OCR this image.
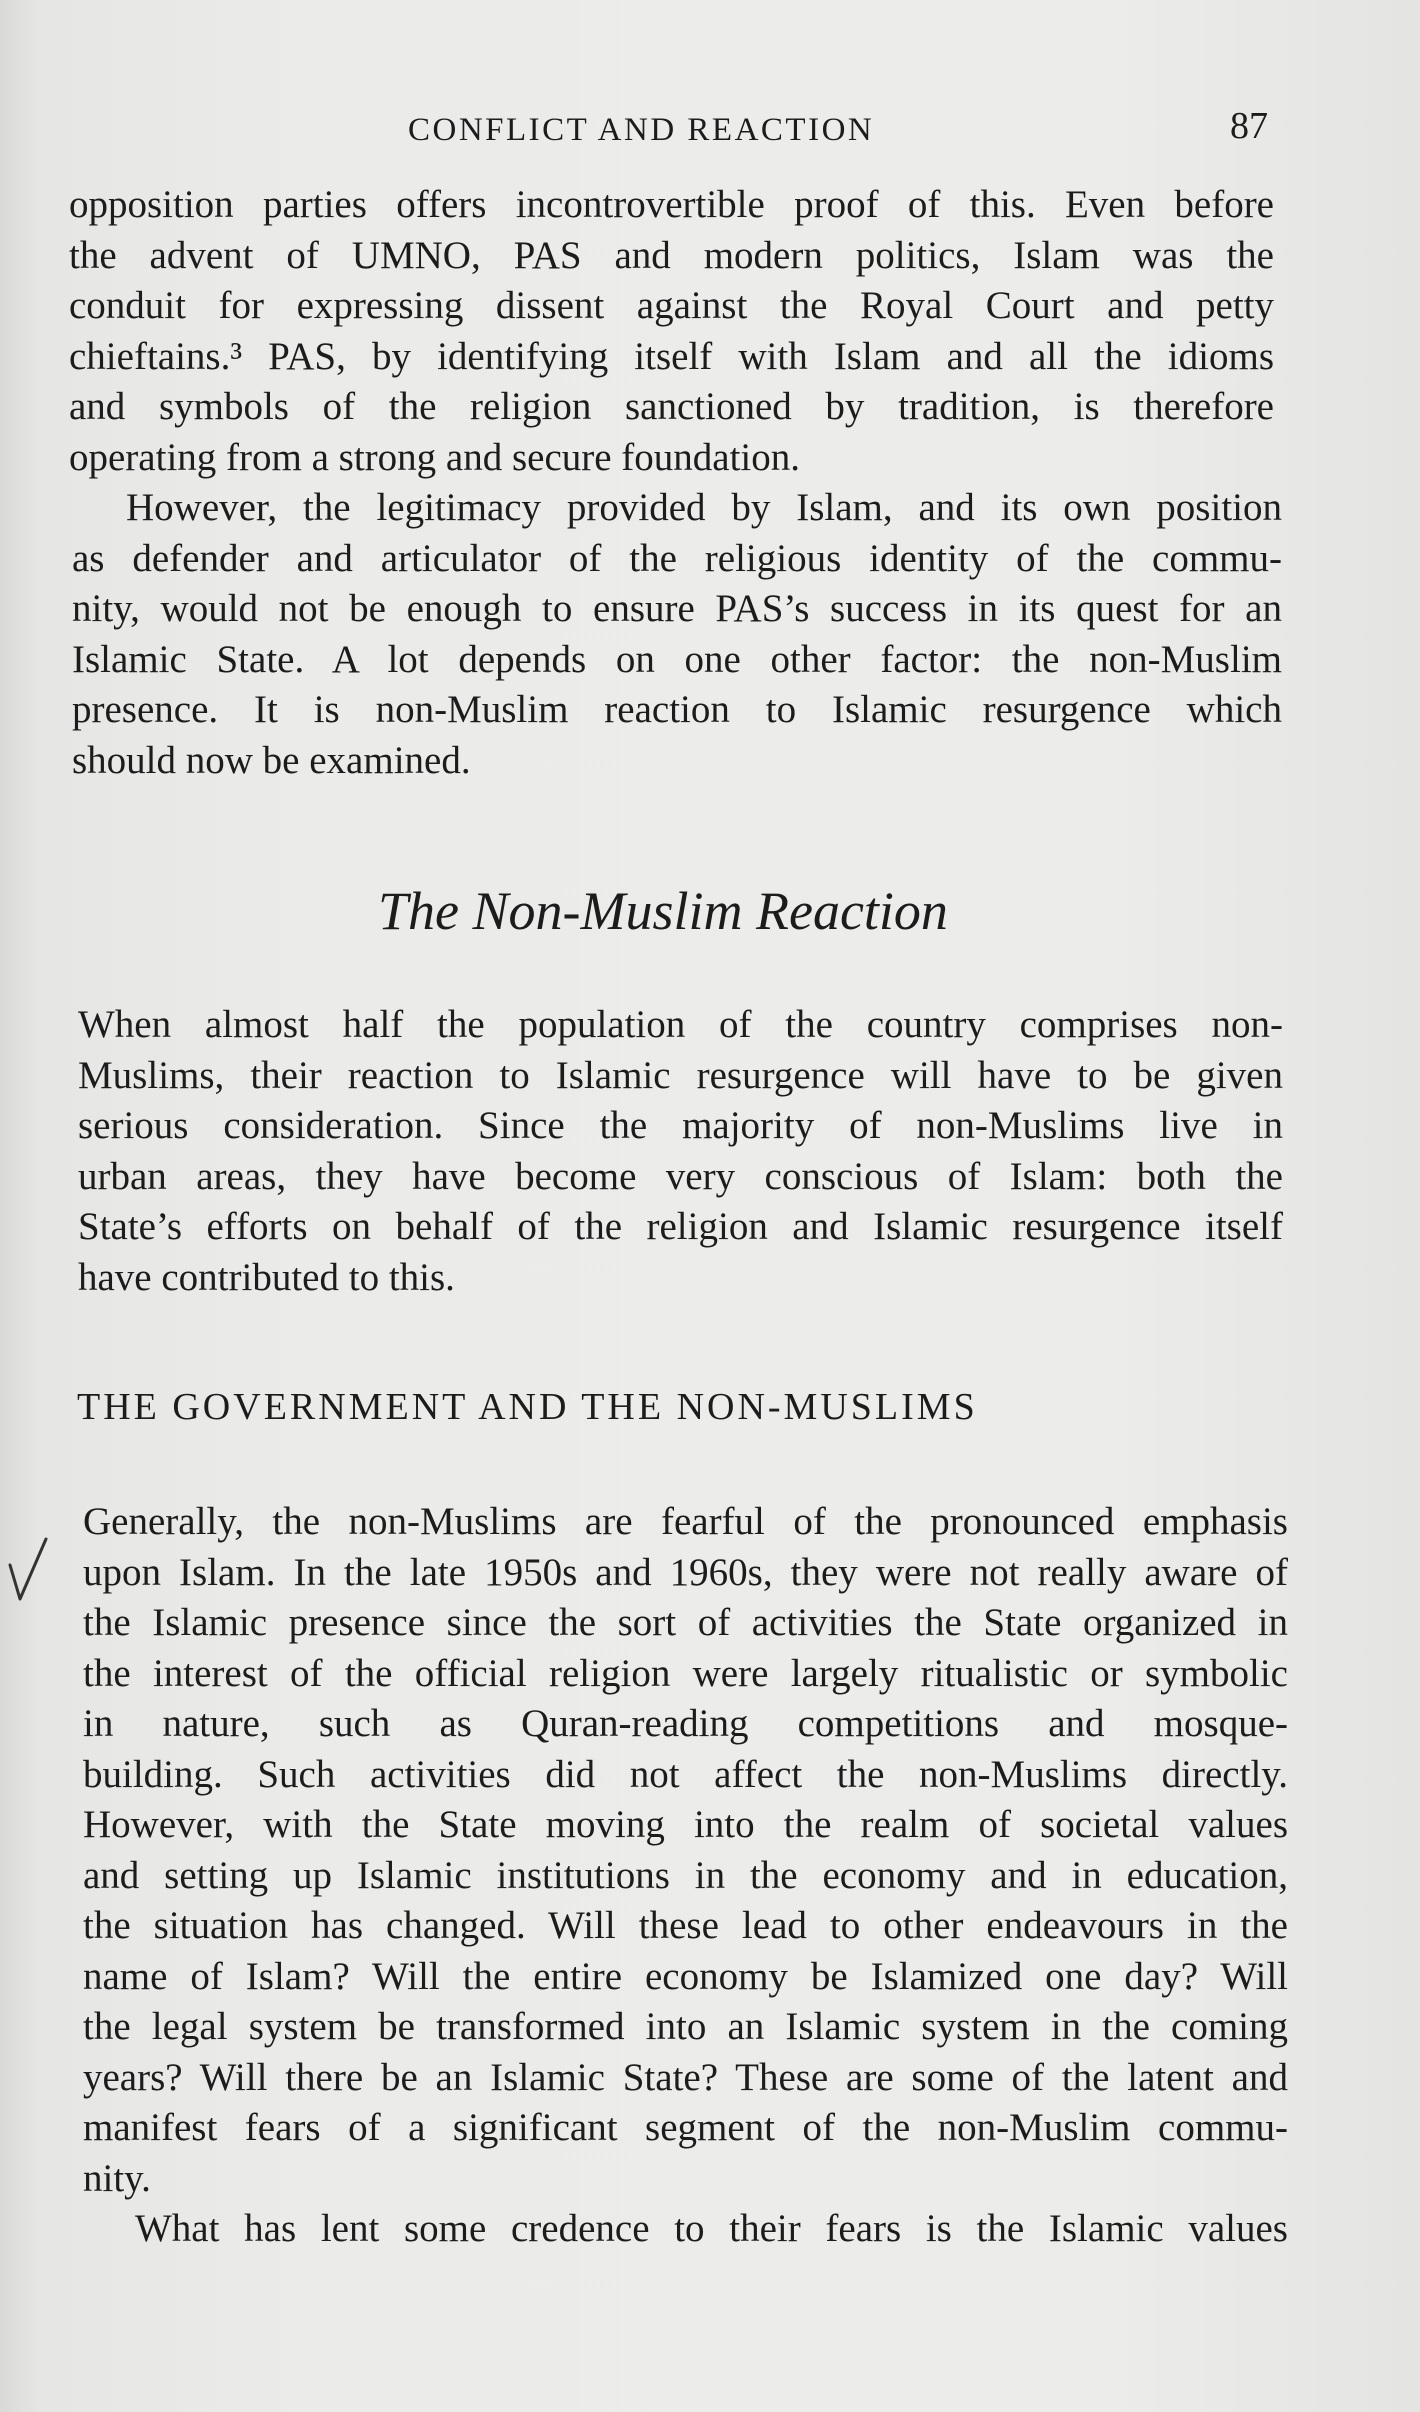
CONFLICT AND REACTION	87
opposition parties offers incontrovertible proof of this. Even before
the advent of UMNO, PAS and modern politics, Islam was the
conduit for expressing dissent against the Royal Court and petty
chieftains.³ PAS, by identifying itself with Islam and all the idioms
and symbols of the religion sanctioned by tradition, is therefore
operating from a strong and secure foundation.
However, the legitimacy provided by Islam, and its own position
as defender and articulator of the religious identity of the commu-
nity, would not be enough to ensure PAS’s success in its quest for an
Islamic State. A lot depends on one other factor: the non-Muslim
presence. It is non-Muslim reaction to Islamic resurgence which
should now be examined.
The Non-Muslim Reaction
When almost half the population of the country comprises non-
Muslims, their reaction to Islamic resurgence will have to be given
serious consideration. Since the majority of non-Muslims live in
urban areas, they have become very conscious of Islam: both the
State’s efforts on behalf of the religion and Islamic resurgence itself
have contributed to this.
THE GOVERNMENT AND THE NON-MUSLIMS
Generally, the non-Muslims are fearful of the pronounced emphasis
upon Islam. In the late 1950s and 1960s, they were not really aware of
the Islamic presence since the sort of activities the State organized in
the interest of the official religion were largely ritualistic or symbolic
in nature, such as Quran-reading competitions and mosque-
building. Such activities did not affect the non-Muslims directly.
However, with the State moving into the realm of societal values
and setting up Islamic institutions in the economy and in education,
the situation has changed. Will these lead to other endeavours in the
name of Islam? Will the entire economy be Islamized one day? Will
the legal system be transformed into an Islamic system in the coming
years? Will there be an Islamic State? These are some of the latent and
manifest fears of a significant segment of the non-Muslim commu-
nity.
What has lent some credence to their fears is the Islamic values
